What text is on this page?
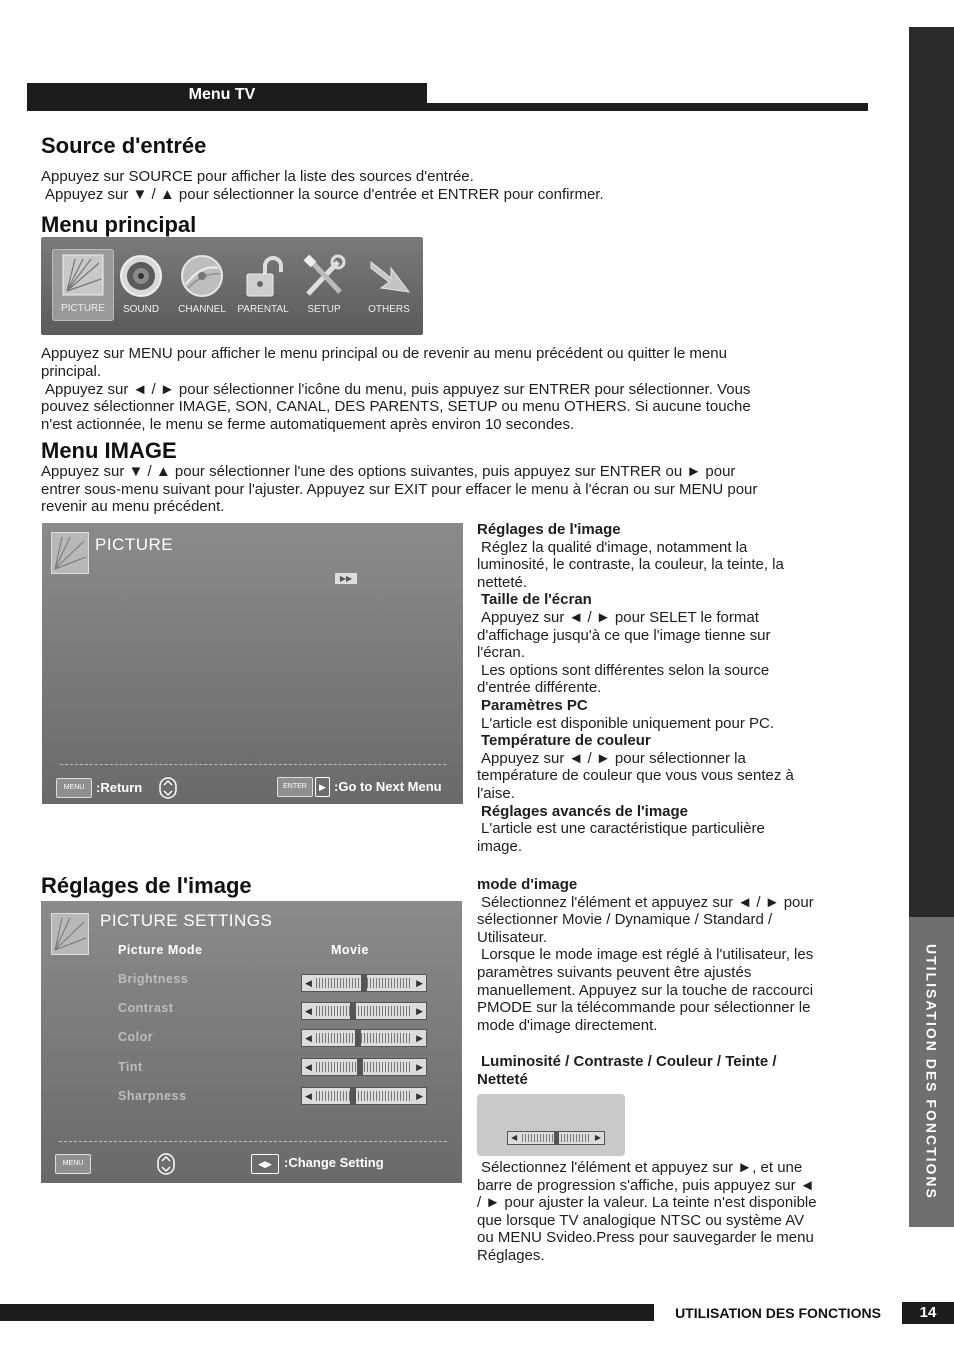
UTILISATION DES FONCTIONS
Menu TV
Source d'entrée

Appuyez sur SOURCE pour afficher la liste des sources d'entrée.

Appuyez sur ▼ / ▲ pour sélectionner la source d'entrée et ENTRER pour confirmer.

Menu principal
PICTURE	SOUND	CHANNEL	PARENTAL	SETUP	OTHERS

Appuyez sur MENU pour afficher le menu principal ou de revenir au menu précédent ou quitter le menu

principal.

Appuyez sur ◄ / ► pour sélectionner l'icône du menu, puis appuyez sur ENTRER pour sélectionner. Vous

pouvez sélectionner IMAGE, SON, CANAL, DES PARENTS, SETUP ou menu OTHERS. Si aucune touche

n'est actionnée, le menu se ferme automatiquement après environ 10 secondes.

Menu IMAGE

Appuyez sur ▼ / ▲ pour sélectionner l'une des options suivantes, puis appuyez sur ENTRER ou ► pour

entrer sous-menu suivant pour l'ajuster. Appuyez sur EXIT pour effacer le menu à l'écran ou sur MENU pour

revenir au menu précédent.

PICTURE
▶▶
MENU :Return	ENTER	▶ :Go to Next Menu
Réglages de l'image
Réglez la qualité d'image, notamment la
luminosité, le contraste, la couleur, la teinte, la
netteté.
Taille de l'écran
Appuyez sur ◄ / ► pour SELET le format
d'affichage jusqu'à ce que l'image tienne sur
l'écran.
Les options sont différentes selon la source
d'entrée différente.
Paramètres PC
L'article est disponible uniquement pour PC.
Température de couleur
Appuyez sur ◄ / ► pour sélectionner la
température de couleur que vous vous sentez à
l'aise.
Réglages avancés de l'image
L'article est une caractéristique particulière
image.
Réglages de l'image
PICTURE SETTINGS
Picture Mode	Movie
Brightness	◀	▶
Contrast	◀	▶
Color	◀	▶
Tint	◀	▶
Sharpness	◀	▶
MENU	◀▶ :Change Setting
mode d'image
Sélectionnez l'élément et appuyez sur ◄ / ► pour
sélectionner Movie / Dynamique / Standard /
Utilisateur.
Lorsque le mode image est réglé à l'utilisateur, les
paramètres suivants peuvent être ajustés
manuellement. Appuyez sur la touche de raccourci
PMODE sur la télécommande pour sélectionner le
mode d'image directement.
Luminosité / Contraste / Couleur / Teinte /
Netteté
◀	▶
Sélectionnez l'élément et appuyez sur ►, et une
barre de progression s'affiche, puis appuyez sur ◄
/ ► pour ajuster la valeur. La teinte n'est disponible
que lorsque TV analogique NTSC ou système AV
ou MENU Svideo.Press pour sauvegarder le menu
Réglages.
UTILISATION DES FONCTIONS	14
